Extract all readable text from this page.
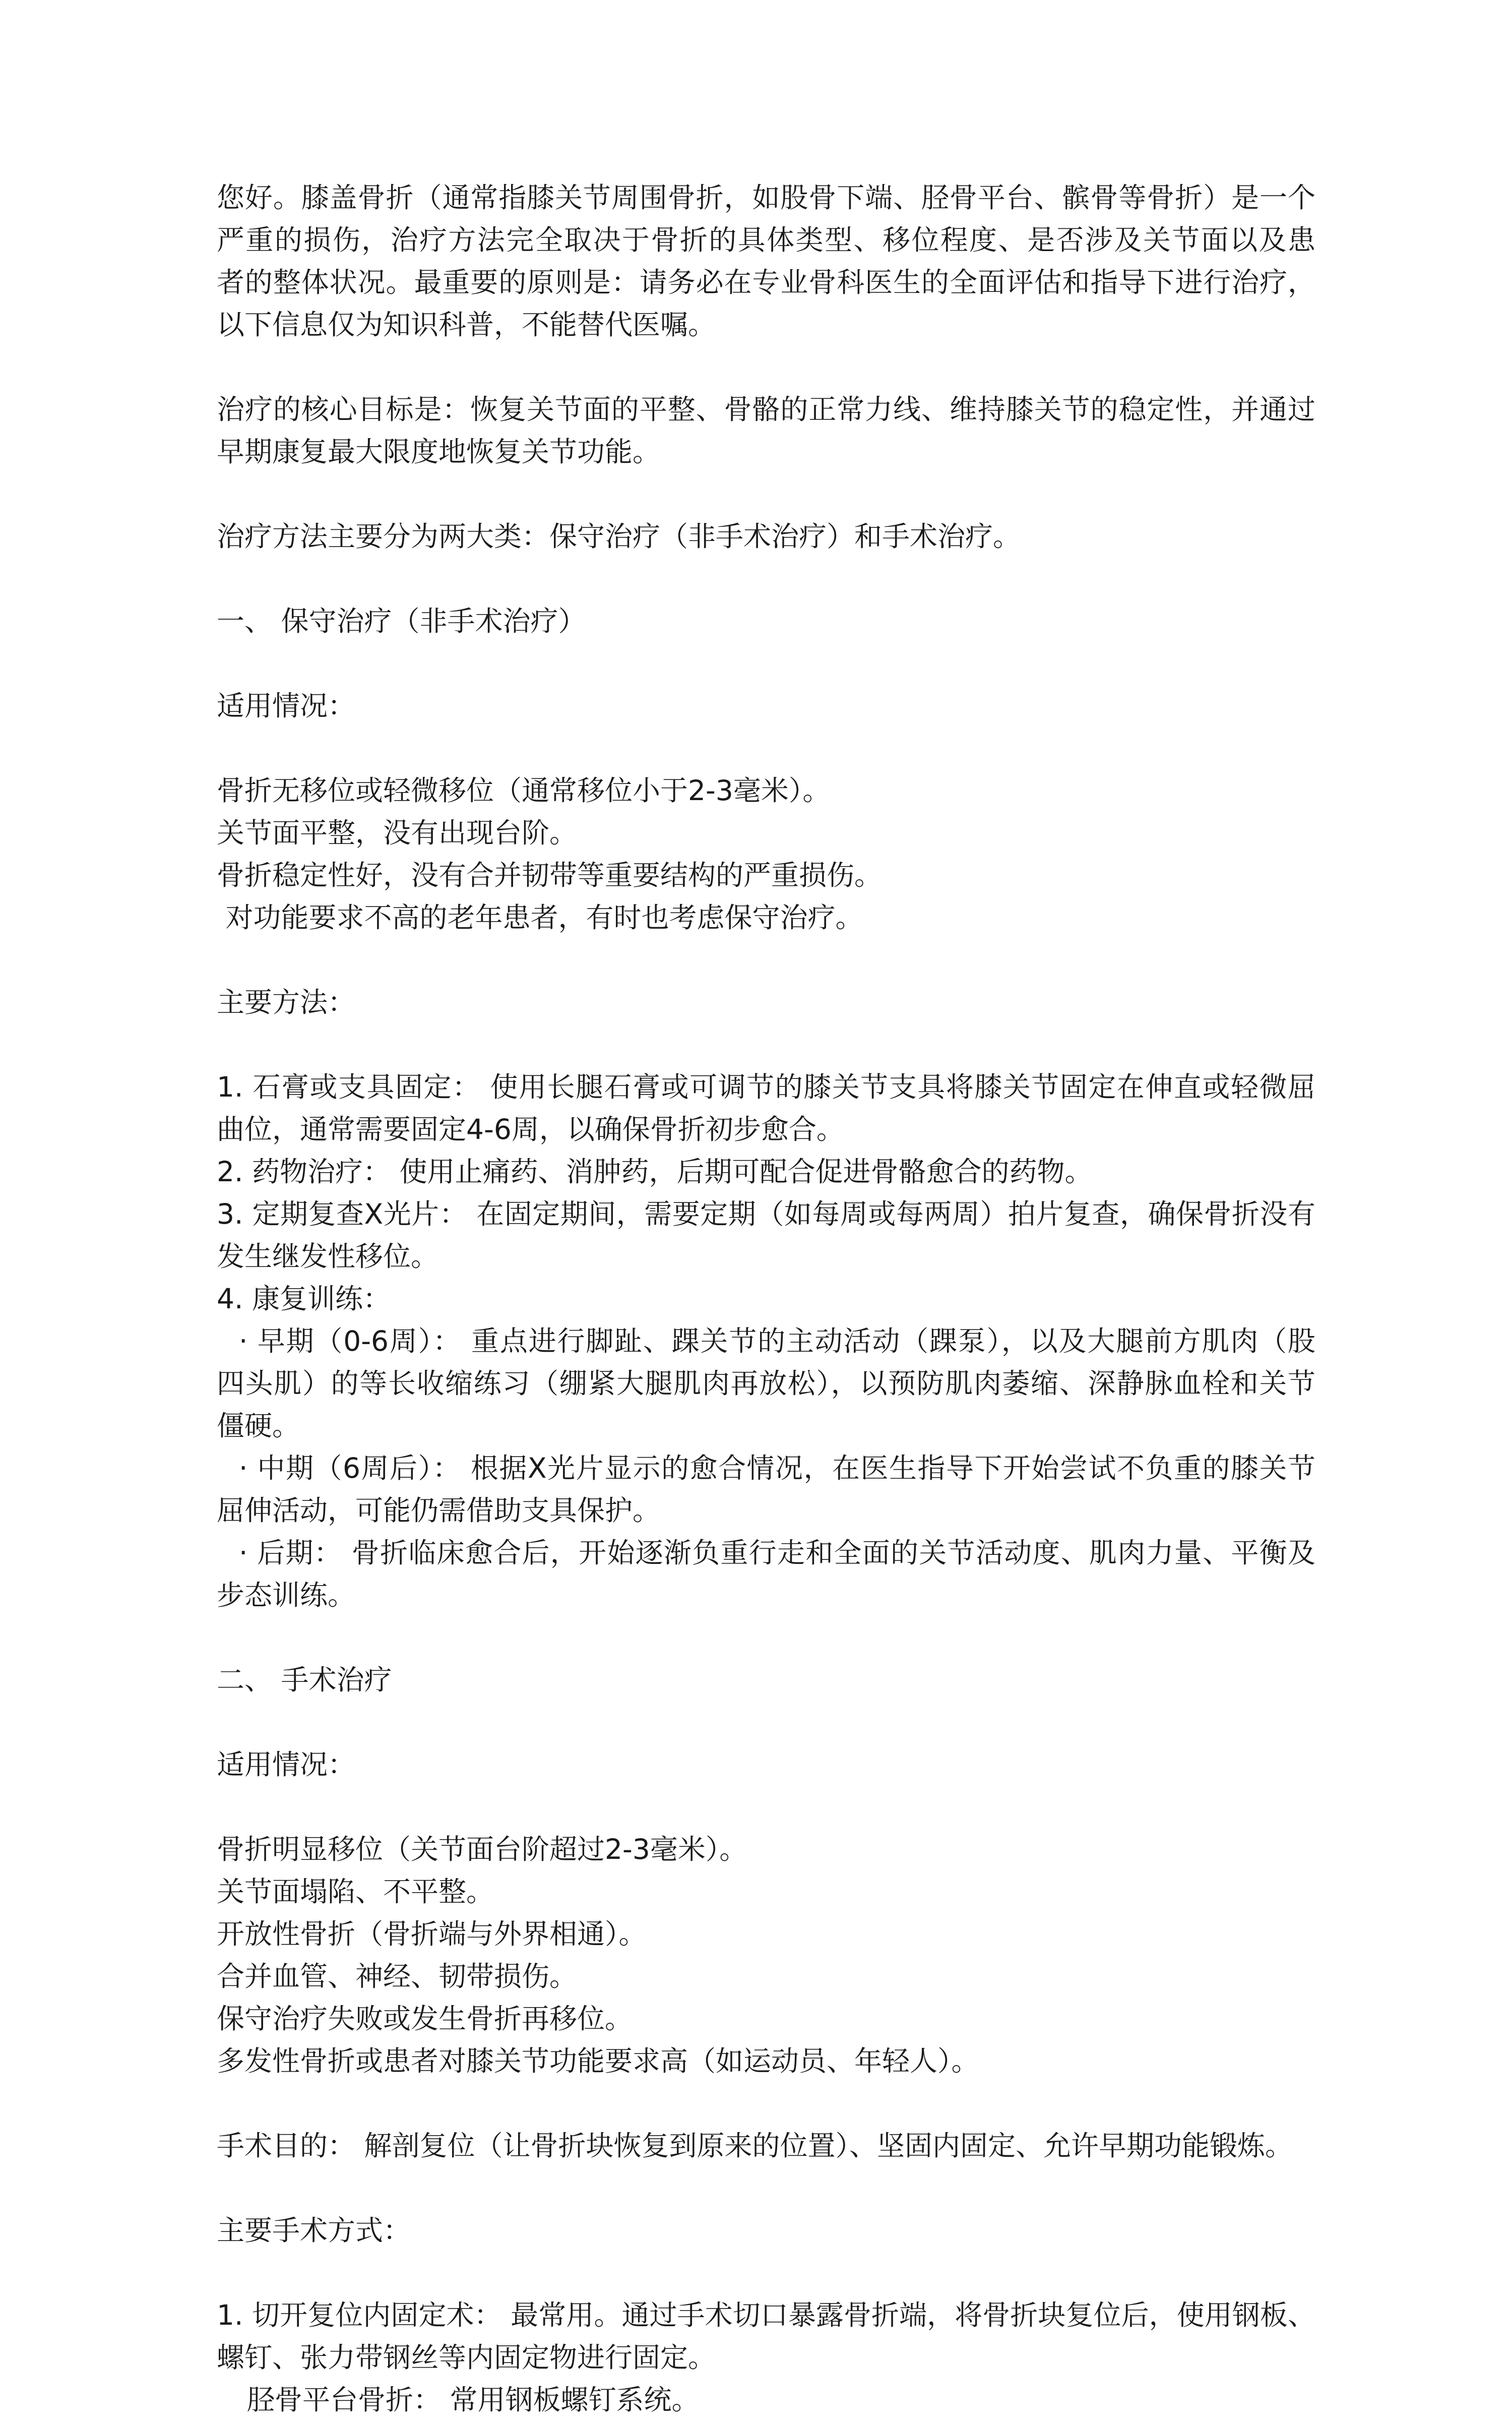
您好。膝盖骨折（通常指膝关节周围骨折，如股骨下端、胫骨平台、髌骨等骨折）是一个
严重的损伤，治疗方法完全取决于骨折的具体类型、移位程度、是否涉及关节面以及患
者的整体状况。最重要的原则是：请务必在专业骨科医生的全面评估和指导下进行治疗，
以下信息仅为知识科普，不能替代医嘱。
治疗的核心目标是：恢复关节面的平整、骨骼的正常力线、维持膝关节的稳定性，并通过
早期康复最大限度地恢复关节功能。
治疗方法主要分为两大类：保守治疗（非手术治疗）和手术治疗。
一、 保守治疗（非手术治疗）
适用情况：
骨折无移位或轻微移位（通常移位小于2-3毫米）。
关节面平整，没有出现台阶。
骨折稳定性好，没有合并韧带等重要结构的严重损伤。
对功能要求不高的老年患者，有时也考虑保守治疗。
主要方法：
1. 石膏或支具固定： 使用长腿石膏或可调节的膝关节支具将膝关节固定在伸直或轻微屈
曲位，通常需要固定4-6周，以确保骨折初步愈合。
2. 药物治疗： 使用止痛药、消肿药，后期可配合促进骨骼愈合的药物。
3. 定期复查X光片： 在固定期间，需要定期（如每周或每两周）拍片复查，确保骨折没有
发生继发性移位。
4. 康复训练：
· 早期（0-6周）： 重点进行脚趾、踝关节的主动活动（踝泵），以及大腿前方肌肉（股
四头肌）的等长收缩练习（绷紧大腿肌肉再放松），以预防肌肉萎缩、深静脉血栓和关节
僵硬。
· 中期（6周后）： 根据X光片显示的愈合情况，在医生指导下开始尝试不负重的膝关节
屈伸活动，可能仍需借助支具保护。
· 后期： 骨折临床愈合后，开始逐渐负重行走和全面的关节活动度、肌肉力量、平衡及
步态训练。
二、 手术治疗
适用情况：
骨折明显移位（关节面台阶超过2-3毫米）。
关节面塌陷、不平整。
开放性骨折（骨折端与外界相通）。
合并血管、神经、韧带损伤。
保守治疗失败或发生骨折再移位。
多发性骨折或患者对膝关节功能要求高（如运动员、年轻人）。
手术目的： 解剖复位（让骨折块恢复到原来的位置）、坚固内固定、允许早期功能锻炼。
主要手术方式：
1. 切开复位内固定术： 最常用。通过手术切口暴露骨折端，将骨折块复位后，使用钢板、
螺钉、张力带钢丝等内固定物进行固定。
胫骨平台骨折： 常用钢板螺钉系统。
